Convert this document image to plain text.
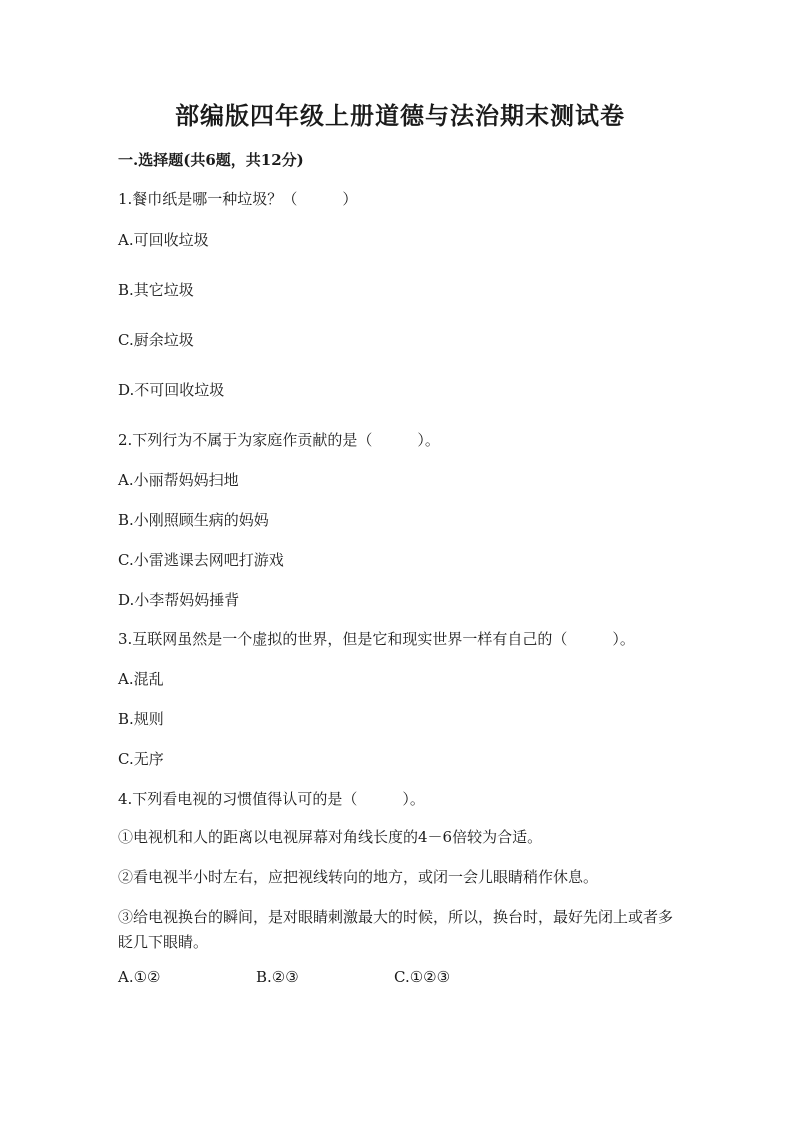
部编版四年级上册道德与法治期末测试卷
一.选择题(共6题，共12分)
1.餐巾纸是哪一种垃圾？（　　　）
A.可回收垃圾
B.其它垃圾
C.厨余垃圾
D.不可回收垃圾
2.下列行为不属于为家庭作贡献的是（　　　）。
A.小丽帮妈妈扫地
B.小刚照顾生病的妈妈
C.小雷逃课去网吧打游戏
D.小李帮妈妈捶背
3.互联网虽然是一个虚拟的世界，但是它和现实世界一样有自己的（　　　）。
A.混乱
B.规则
C.无序
4.下列看电视的习惯值得认可的是（　　　）。
①电视机和人的距离以电视屏幕对角线长度的4－6倍较为合适。
②看电视半小时左右，应把视线转向的地方，或闭一会儿眼睛稍作休息。
③给电视换台的瞬间，是对眼睛刺激最大的时候，所以，换台时，最好先闭上或者多眨几下眼睛。
A.①②	B.②③	C.①②③
